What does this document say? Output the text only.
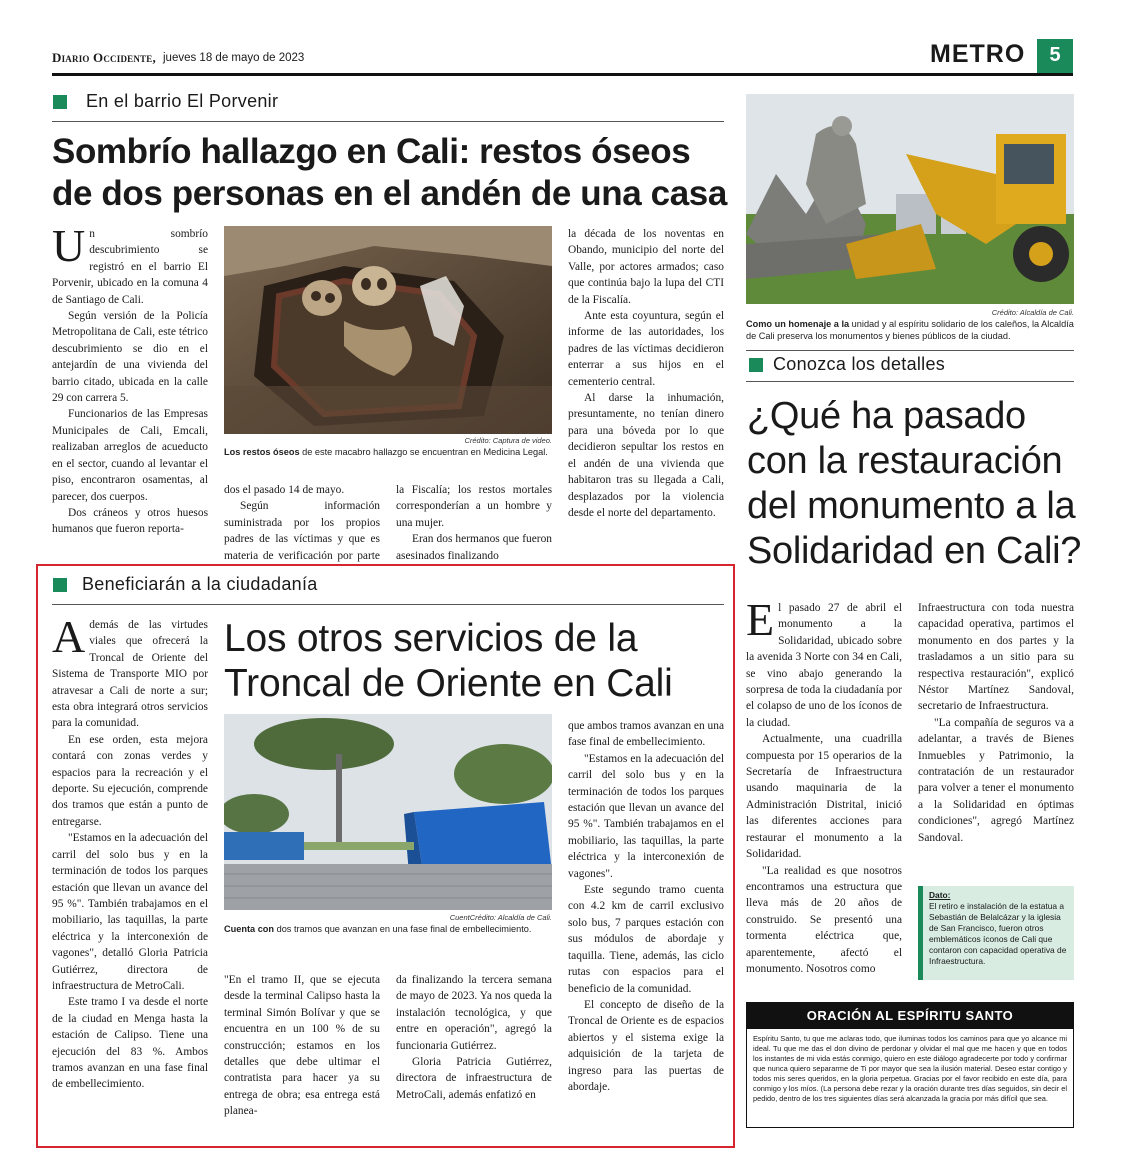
Diario Occidente, jueves 18 de mayo de 2023	METRO	5
En el barrio El Porvenir
Sombrío hallazgo en Cali: restos óseos
de dos personas en el andén de una casa
U n sombrío descubrimiento se registró en el barrio El Porvenir, ubicado en la comuna 4 de Santiago de Cali.

Según versión de la Policía Metropolitana de Cali, este tétrico descubrimiento se dio en el antejardín de una vivienda del barrio citado, ubicada en la calle 29 con carrera 5.

Funcionarios de las Empresas Municipales de Cali, Emcali, realizaban arreglos de acueducto en el sector, cuando al levantar el piso, encontraron osamentas, al parecer, dos cuerpos.

Dos cráneos y otros huesos humanos que fueron reporta-

Crédito: Captura de video.
Los restos óseos de este macabro hallazgo se encuentran en Medicina Legal.

dos el pasado 14 de mayo.

Según información suministrada por los propios padres de las víctimas y que es materia de verificación por parte

la Fiscalía; los restos mortales corresponderían a un hombre y una mujer.

Eran dos hermanos que fueron asesinados finalizando

la década de los noventas en Obando, municipio del norte del Valle, por actores armados; caso que continúa bajo la lupa del CTI de la Fiscalía.

Ante esta coyuntura, según el informe de las autoridades, los padres de las víctimas decidieron enterrar a sus hijos en el cementerio central.

Al darse la inhumación, presuntamente, no tenían dinero para una bóveda por lo que decidieron sepultar los restos en el andén de una vivienda que habitaron tras su llegada a Cali, desplazados por la violencia desde el norte del departamento.

Crédito: Alcaldía de Cali.
Como un homenaje a la unidad y al espíritu solidario de los caleños, la Alcaldía de Cali preserva los monumentos y bienes públicos de la ciudad.
Conozca los detalles
¿Qué ha pasado
con la restauración
del monumento a la
Solidaridad en Cali?
E l pasado 27 de abril el monumento a la Solidaridad, ubicado sobre la avenida 3 Norte con 34 en Cali, se vino abajo generando la sorpresa de toda la ciudadanía por el colapso de uno de los íconos de la ciudad.

Actualmente, una cuadrilla compuesta por 15 operarios de la Secretaría de Infraestructura usando maquinaria de la Administración Distrital, inició las diferentes acciones para restaurar el monumento a la Solidaridad.

"La realidad es que nosotros encontramos una estructura que lleva más de 20 años de construido. Se presentó una tormenta eléctrica que, aparentemente, afectó el monumento. Nosotros como

Infraestructura con toda nuestra capacidad operativa, partimos el monumento en dos partes y la trasladamos a un sitio para su respectiva restauración", explicó Néstor Martínez Sandoval, secretario de Infraestructura.

"La compañía de seguros va a adelantar, a través de Bienes Inmuebles y Patrimonio, la contratación de un restaurador para volver a tener el monumento a la Solidaridad en óptimas condiciones", agregó Martínez Sandoval.

Dato:
El retiro e instalación de la estatua a Sebastián de Belalcázar y la iglesia de San Francisco, fueron otros emblemáticos íconos de Cali que contaron con capacidad operativa de Infraestructura.
ORACIÓN AL ESPÍRITU SANTO
Espíritu Santo, tu que me aclaras todo, que iluminas todos los caminos para que yo alcance mi ideal. Tu que me das el don divino de perdonar y olvidar el mal que me hacen y que en todos los instantes de mi vida estás conmigo, quiero en este diálogo agradecerte por todo y confirmar que nunca quiero separarme de Ti por mayor que sea la ilusión material. Deseo estar contigo y todos mis seres queridos, en la gloria perpetua. Gracias por el favor recibido en este día, para conmigo y los míos. (La persona debe rezar y la oración durante tres días seguidos, sin decir el pedido, dentro de los tres siguientes días será alcanzada la gracia por más difícil que sea.
Beneficiarán a la ciudadanía
Los otros servicios de la
Troncal de Oriente en Cali
A demás de las virtudes viales que ofrecerá la Troncal de Oriente del Sistema de Transporte MIO por atravesar a Cali de norte a sur; esta obra integrará otros servicios para la comunidad.

En ese orden, esta mejora contará con zonas verdes y espacios para la recreación y el deporte. Su ejecución, comprende dos tramos que están a punto de entregarse.

"Estamos en la adecuación del carril del solo bus y en la terminación de todos los parques estación que llevan un avance del 95 %". También trabajamos en el mobiliario, las taquillas, la parte eléctrica y la interconexión de vagones", detalló Gloria Patricia Gutiérrez, directora de infraestructura de MetroCali.

Este tramo I va desde el norte de la ciudad en Menga hasta la estación de Calipso. Tiene una ejecución del 83 %. Ambos tramos avanzan en una fase final de embellecimiento.

CuentCrédito: Alcaldía de Cali.
Cuenta con dos tramos que avanzan en una fase final de embellecimiento.

"En el tramo II, que se ejecuta desde la terminal Calipso hasta la terminal Simón Bolívar y que se encuentra en un 100 % de su construcción; estamos en los detalles que debe ultimar el contratista para hacer ya su entrega de obra; esa entrega está planea-

da finalizando la tercera semana de mayo de 2023. Ya nos queda la instalación tecnológica, y que entre en operación", agregó la funcionaria Gutiérrez.

Gloria Patricia Gutiérrez, directora de infraestructura de MetroCali, además enfatizó en

que ambos tramos avanzan en una fase final de embellecimiento.

"Estamos en la adecuación del carril del solo bus y en la terminación de todos los parques estación que llevan un avance del 95 %". También trabajamos en el mobiliario, las taquillas, la parte eléctrica y la interconexión de vagones".

Este segundo tramo cuenta con 4.2 km de carril exclusivo solo bus, 7 parques estación con sus módulos de abordaje y taquilla. Tiene, además, las ciclo rutas con espacios para el beneficio de la comunidad.

El concepto de diseño de la Troncal de Oriente es de espacios abiertos y el sistema exige la adquisición de la tarjeta de ingreso para las puertas de abordaje.
